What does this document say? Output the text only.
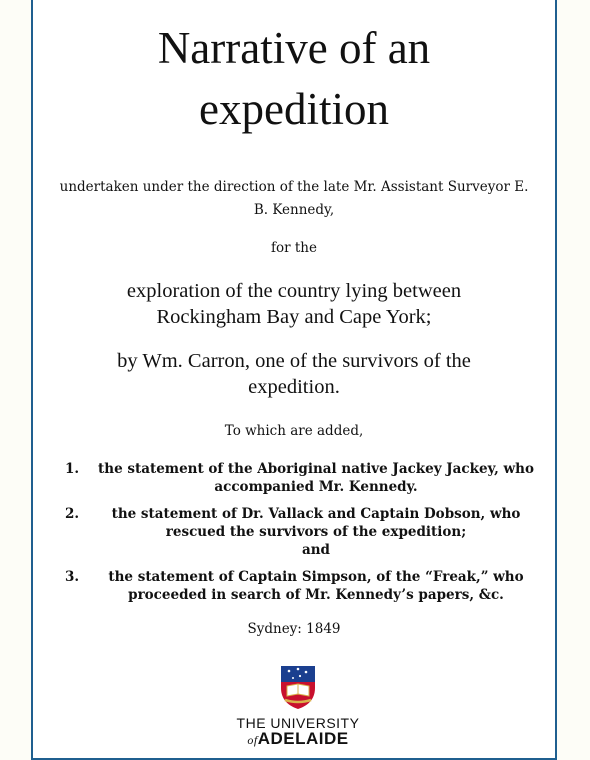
Narrative of an
expedition
undertaken under the direction of the late Mr. Assistant Surveyor E. B. Kennedy,
for the
exploration of the country lying between Rockingham Bay and Cape York;
by Wm. Carron, one of the survivors of the expedition.
To which are added,
1. the statement of the Aboriginal native Jackey Jackey, who accompanied Mr. Kennedy.
2. the statement of Dr. Vallack and Captain Dobson, who rescued the survivors of the expedition;
and
3. the statement of Captain Simpson, of the “Freak,” who proceeded in search of Mr. Kennedy’s papers, &c.
Sydney: 1849
THE UNIVERSITY
ofADELAIDE
